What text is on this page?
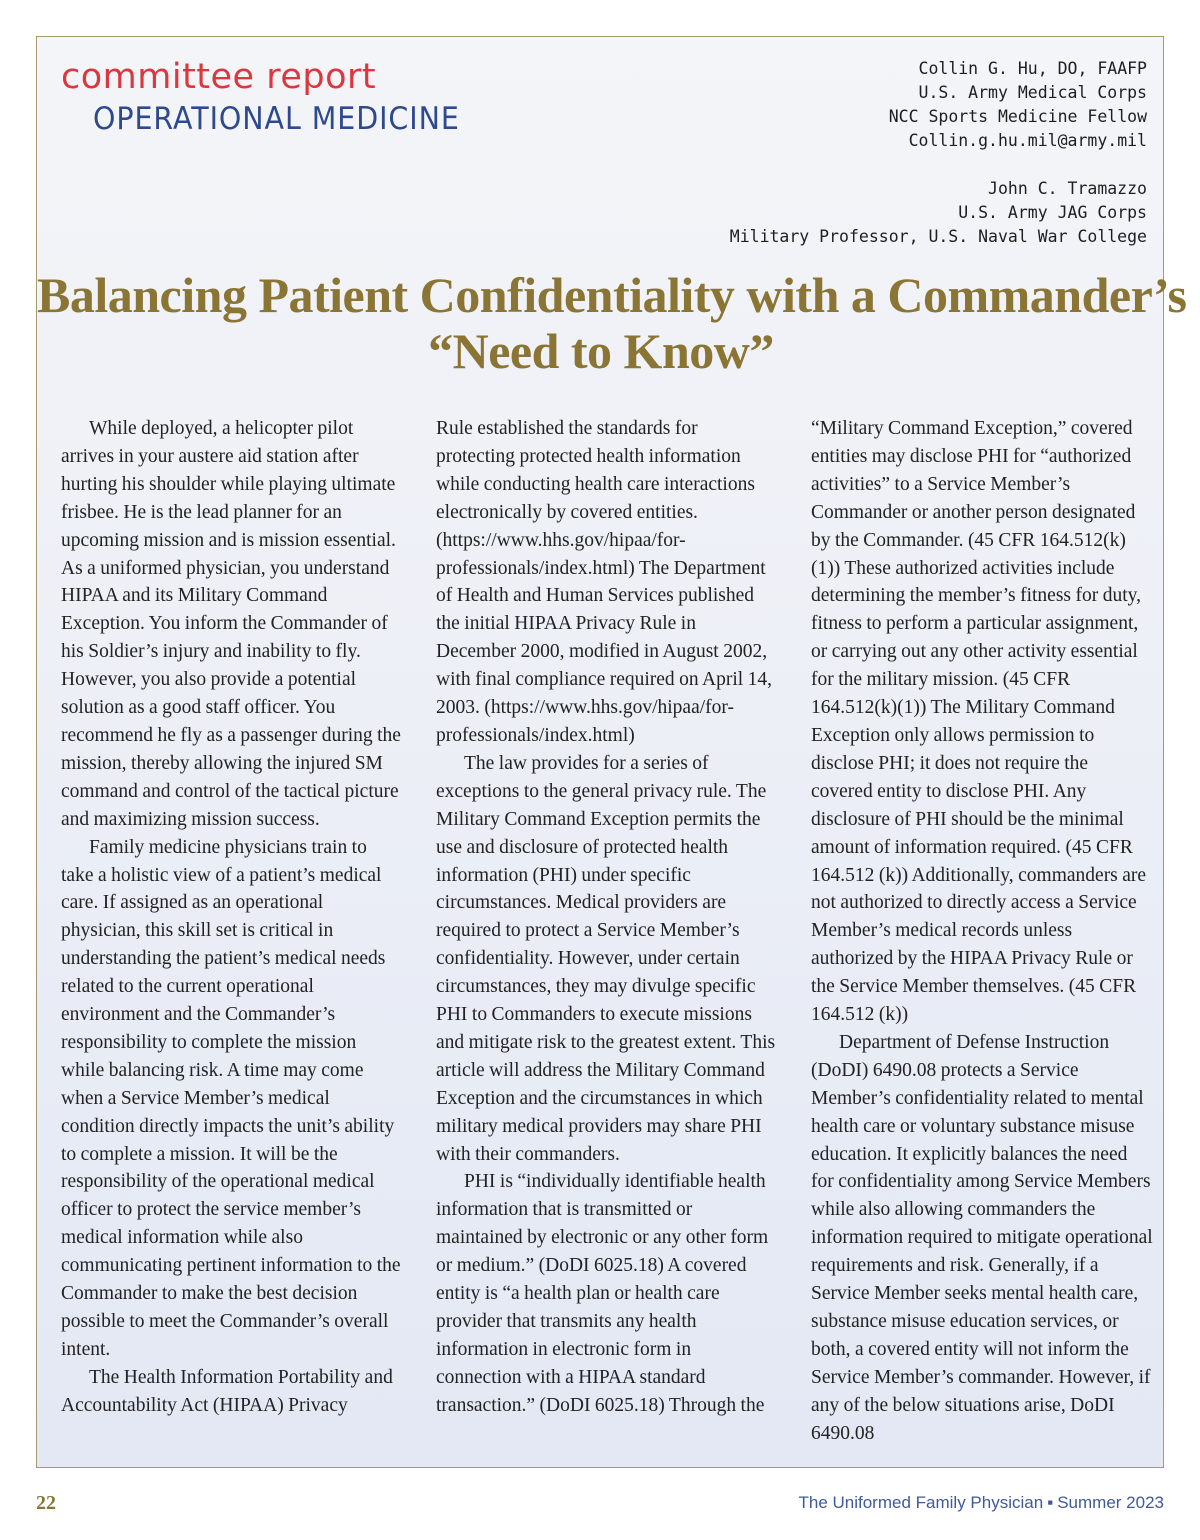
committee report
OPERATIONAL MEDICINE
Collin G. Hu, DO, FAAFP
U.S. Army Medical Corps
NCC Sports Medicine Fellow
Collin.g.hu.mil@army.mil
John C. Tramazzo
U.S. Army JAG Corps
Military Professor, U.S. Naval War College
Balancing Patient Confidentiality with a Commander’s
“Need to Know”

While deployed, a helicopter pilot arrives in your austere aid station after hurting his shoulder while playing ultimate frisbee. He is the lead planner for an upcoming mission and is mission essential. As a uniformed physician, you understand HIPAA and its Military Command Exception. You inform the Commander of his Soldier’s injury and inability to fly. However, you also provide a potential solution as a good staff officer. You recommend he fly as a passenger during the mission, thereby allowing the injured SM command and control of the tactical picture and maximizing mission success.

Family medicine physicians train to take a holistic view of a patient’s medical care. If assigned as an operational physician, this skill set is critical in understanding the patient’s medical needs related to the current operational environment and the Commander’s responsibility to complete the mission while balancing risk. A time may come when a Service Member’s medical condition directly impacts the unit’s ability to complete a mission. It will be the responsibility of the operational medical officer to protect the service member’s medical information while also communicating pertinent information to the Commander to make the best decision possible to meet the Commander’s overall intent.

The Health Information Portability and Accountability Act (HIPAA) Privacy

Rule established the standards for protecting protected health information while conducting health care interactions electronically by covered entities. (https://www.hhs.gov/hipaa/for-professionals/index.html) The Department of Health and Human Services published the initial HIPAA Privacy Rule in December 2000, modified in August 2002, with final compliance required on April 14, 2003. (https://www.hhs.gov/hipaa/for-professionals/index.html)

The law provides for a series of exceptions to the general privacy rule. The Military Command Exception permits the use and disclosure of protected health information (PHI) under specific circumstances. Medical providers are required to protect a Service Member’s confidentiality. However, under certain circumstances, they may divulge specific PHI to Commanders to execute missions and mitigate risk to the greatest extent. This article will address the Military Command Exception and the circumstances in which military medical providers may share PHI with their commanders.

PHI is “individually identifiable health information that is transmitted or maintained by electronic or any other form or medium.” (DoDI 6025.18) A covered entity is “a health plan or health care provider that transmits any health information in electronic form in connection with a HIPAA standard transaction.” (DoDI 6025.18) Through the

“Military Command Exception,” covered entities may disclose PHI for “authorized activities” to a Service Member’s Commander or another person designated by the Commander. (45 CFR 164.512(k)(1)) These authorized activities include determining the member’s fitness for duty, fitness to perform a particular assignment, or carrying out any other activity essential for the military mission. (45 CFR 164.512(k)(1)) The Military Command Exception only allows permission to disclose PHI; it does not require the covered entity to disclose PHI. Any disclosure of PHI should be the minimal amount of information required. (45 CFR 164.512 (k)) Additionally, commanders are not authorized to directly access a Service Member’s medical records unless authorized by the HIPAA Privacy Rule or the Service Member themselves. (45 CFR 164.512 (k))

Department of Defense Instruction (DoDI) 6490.08 protects a Service Member’s confidentiality related to mental health care or voluntary substance misuse education. It explicitly balances the need for confidentiality among Service Members while also allowing commanders the information required to mitigate operational requirements and risk. Generally, if a Service Member seeks mental health care, substance misuse education services, or both, a covered entity will not inform the Service Member’s commander. However, if any of the below situations arise, DoDI 6490.08

22	The Uniformed Family Physician ▪ Summer 2023
